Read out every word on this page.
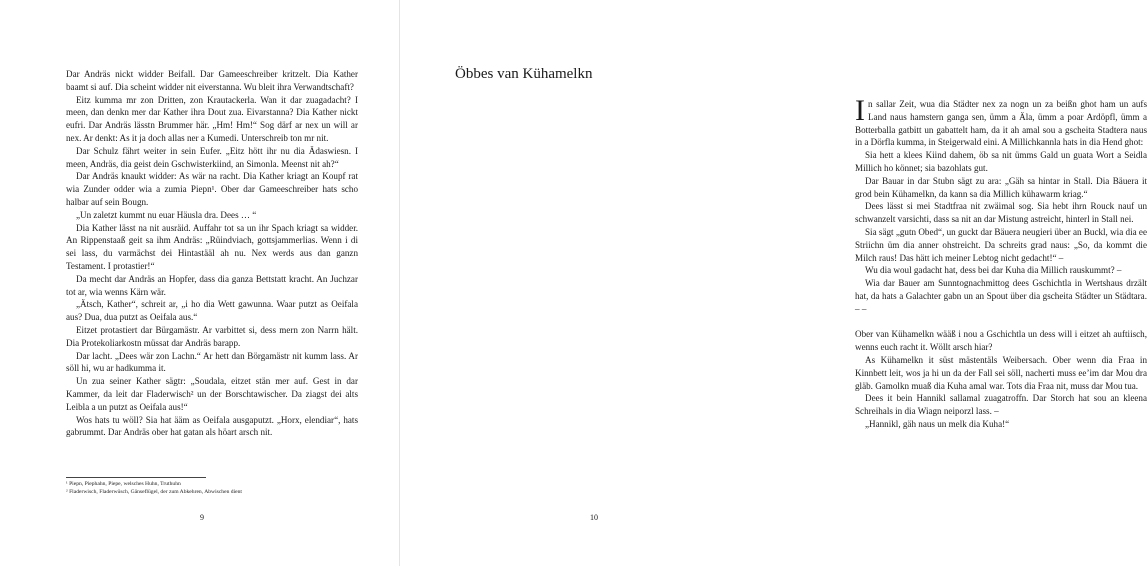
Dar Andräs nickt widder Beifall. Dar Gameeschreiber kritzelt. Dia Kather baamt si auf. Dia scheint widder nit eiverstanna. Wu bleit ihra Verwandtschaft?

Eitz kumma mr zon Dritten, zon Krautackerla. Wan it dar zuagadacht? I meen, dan denkn mer dar Kather ihra Dout zua. Eivarstanna? Dia Kather nickt eufri. Dar Andräs lässtn Brummer här. „Hm! Hm!“ Sog därf ar nex un will ar nex. Ar denkt: As it ja doch allas ner a Kumedi. Unterschreib ton mr nit.

Dar Schulz fährt weiter in sein Eufer. „Eitz hött ihr nu dia Ädaswiesn. I meen, Andräs, dia geist dein Gschwisterkiind, an Simonla. Meenst nit ah?“

Dar Andräs knaukt widder: As wär na racht. Dia Kather kriagt an Koupf rat wia Zunder odder wia a zumia Piepn¹. Ober dar Gameeschreiber hats scho halbar auf sein Bougn.

„Un zaletzt kummt nu euar Häusla dra. Dees … “

Dia Kather lässt na nit ausräid. Auffahr tot sa un ihr Spach kriagt sa widder. An Rippenstaaß geit sa ihm Andräs: „Rüindviach, gottsjammerlias. Wenn i di sei lass, du varmächst dei Hintastääl ah nu. Nex werds aus dan ganzn Testament. I protastier!“

Da mecht dar Andräs an Hopfer, dass dia ganza Bettstatt kracht. An Juchzar tot ar, wia wenns Kärn wär.

„Ätsch, Kather“, schreit ar, „i ho dia Wett gawunna. Waar putzt as Oeifala aus? Dua, dua putzt as Oeifala aus.“

Eitzet protastiert dar Bürgamästr. Ar varbittet si, dess mern zon Narrn hält. Dia Protekoliarkostn müssat dar Andräs barapp.

Dar lacht. „Dees wär zon Lachn.“ Ar hett dan Börgamästr nit kumm lass. Ar söll hi, wu ar hadkumma it.

Un zua seiner Kather sägtr: „Soudala, eitzet stän mer auf. Gest in dar Kammer, da leit dar Fladerwisch² un der Borschtawischer. Da ziagst dei alts Leibla a un putzt as Oeifala aus!“

Wos hats tu wöll? Sia hat ääm as Oeifala ausgaputzt. „Horx, elendiar“, hats gabrummt. Dar Andräs ober hat gatan als höart arsch nit.

¹ Piepn, Piephahn, Piepe, welsches Huhn, Truthuhn

² Fladerwisch, Fladerwüsch, Gänseflügel, der zum Abkehren, Abwischen dient

9
Öbbes van Kühamelkn

In sallar Zeit, wua dia Städter nex za nogn un za beißn ghot ham un aufs Land naus hamstern ganga sen, ümm a Äla, ümm a poar Ardöpfl, ümm a Botterballa gatbitt un gabattelt ham, da it ah amal sou a gscheita Stadtera naus in a Dörfla kumma, in Steigerwald eini. A Millichkannla hats in dia Hend ghot:

Sia hett a klees Kiind dahem, öb sa nit ümms Gald un guata Wort a Seidla Millich ho könnet; sia bazohlats gut.

Dar Bauar in dar Stubn sägt zu ara: „Gäh sa hintar in Stall. Dia Bäuera it grod bein Kühamelkn, da kann sa dia Millich kühawarm kriag.“

Dees lässt si mei Stadtfraa nit zwäimal sog. Sia hebt ihrn Rouck nauf un schwanzelt varsichti, dass sa nit an dar Mistung astreicht, hinterl in Stall nei.

Sia sägt „gutn Obed“, un guckt dar Bäuera neugieri über an Buckl, wia dia ee Striichn üm dia anner ohstreicht. Da schreits grad naus: „So, da kommt die Milch raus! Das hätt ich meiner Lebtog nicht gedacht!“ –

Wu dia woul gadacht hat, dess bei dar Kuha dia Millich rauskummt? –

Wia dar Bauer am Sunntognachmittog dees Gschichtla in Wertshaus drzält hat, da hats a Galachter gabn un an Spout über dia gscheita Städter un Städtara. – –

Ober van Kühamelkn wääß i nou a Gschichtla un dess will i eitzet ah auftiisch, wenns euch racht it. Wöllt arsch hiar?

As Kühamelkn it süst mästentäls Weibersach. Ober wenn dia Fraa in Kinnbett leit, wos ja hi un da der Fall sei söll, nacherti muss ee’im dar Mou dra gläb. Gamolkn muaß dia Kuha amal war. Tots dia Fraa nit, muss dar Mou tua.

Dees it bein Hannikl sallamal zuagatroffn. Dar Storch hat sou an kleena Schreihals in dia Wiagn neiporzl lass. –

„Hannikl, gäh naus un melk dia Kuha!“

10
